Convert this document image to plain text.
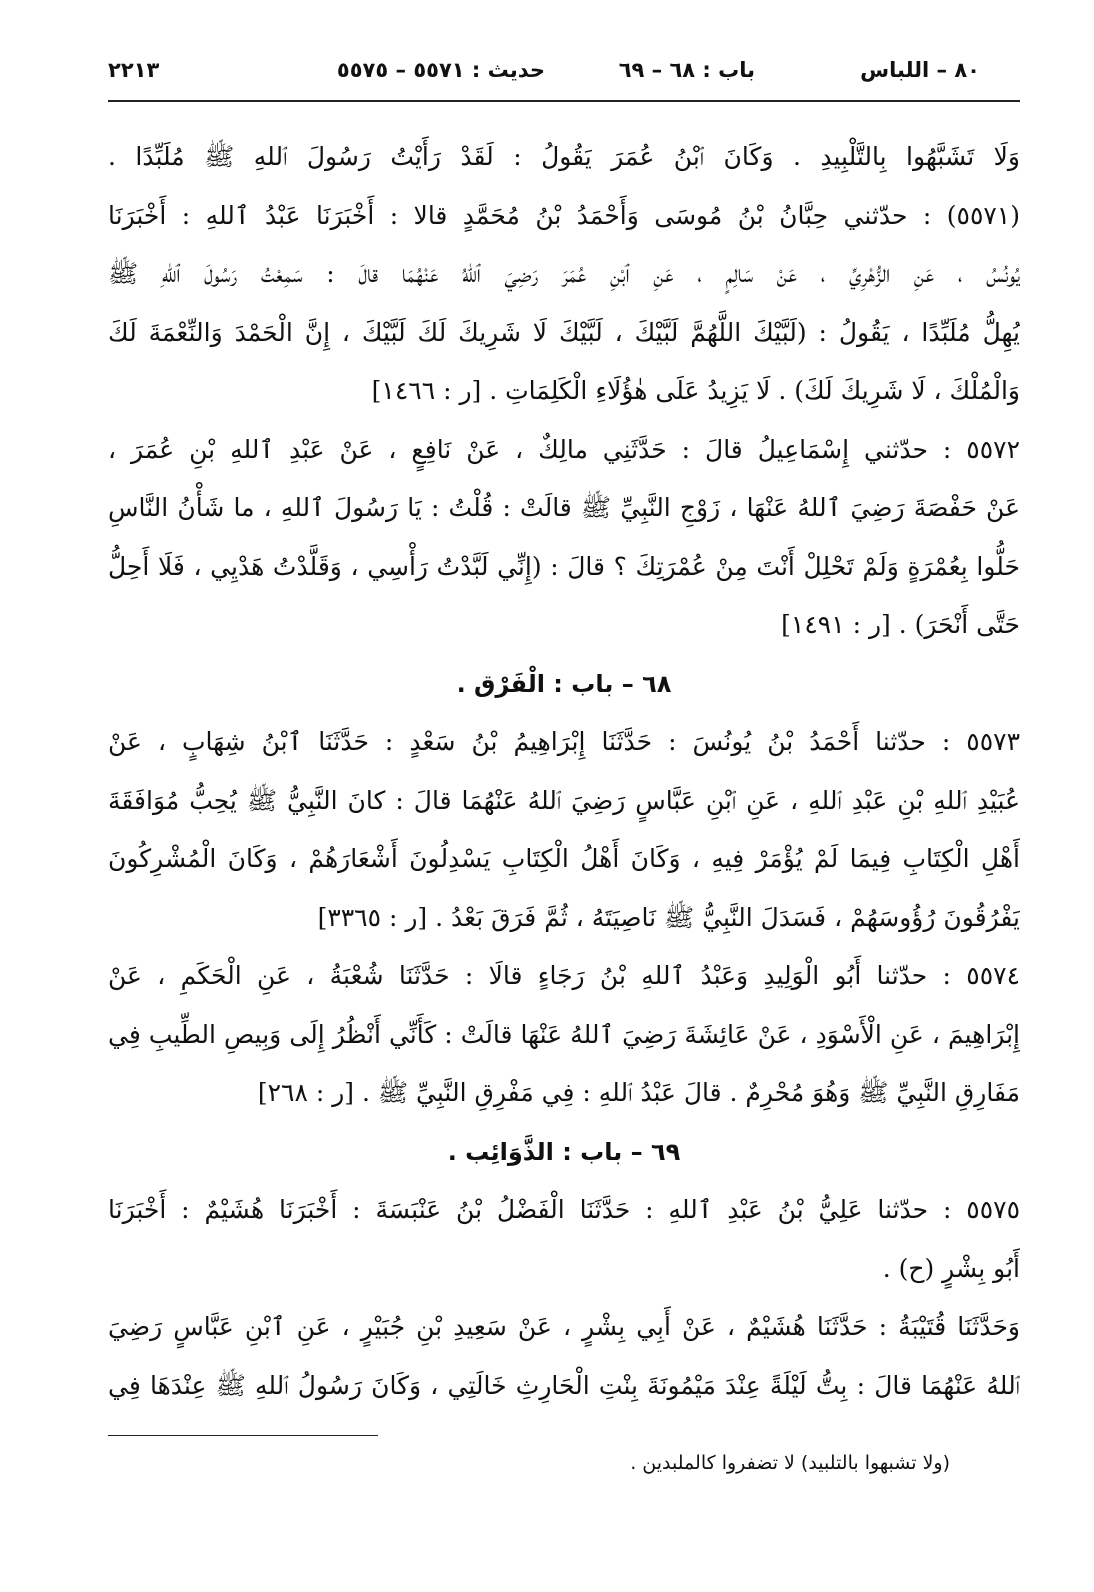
٨٠ – اللباس
باب : ٦٨ – ٦٩
حديث : ٥٥٧١ – ٥٥٧٥
٢٢١٣
وَلَا تَشَبَّهُوا بِالتَّلْبِيدِ . وَكَانَ ٱبْنُ عُمَرَ يَقُولُ : لَقَدْ رَأَيْتُ رَسُولَ ٱللهِ ﷺ مُلَبِّدًا .
(٥٥٧١) : حدّثني حِبَّانُ بْنُ مُوسَى وَأَحْمَدُ بْنُ مُحَمَّدٍ قالا : أَخْبَرَنَا عَبْدُ ٱللهِ : أَخْبَرَنَا
يُونُسُ ، عَنِ الزُّهْرِيِّ ، عَنْ سَالِمٍ ، عَنِ ٱبْنِ عُمَرَ رَضِيَ ٱللهُ عَنْهُمَا قالَ : سَمِعْتُ رَسُولَ ٱللهِ ﷺ
يُهِلُّ مُلَبِّدًا ، يَقُولُ : (لَبَّيْكَ اللَّهُمَّ لَبَّيْكَ ، لَبَّيْكَ لَا شَرِيكَ لَكَ لَبَّيْكَ ، إِنَّ الْحَمْدَ وَالنِّعْمَةَ لَكَ
وَالْمُلْكَ ، لَا شَرِيكَ لَكَ) . لَا يَزِيدُ عَلَى هٰؤُلَاءِ الْكَلِمَاتِ . [ر : ١٤٦٦]
٥٥٧٢ : حدّثني إِسْمَاعِيلُ قالَ : حَدَّثَنِي مالِكٌ ، عَنْ نَافِعٍ ، عَنْ عَبْدِ ٱللهِ بْنِ عُمَرَ ،
عَنْ حَفْصَةَ رَضِيَ ٱللهُ عَنْهَا ، زَوْجِ النَّبِيِّ ﷺ قالَتْ : قُلْتُ : يَا رَسُولَ ٱللهِ ، ما شَأْنُ النَّاسِ
حَلُّوا بِعُمْرَةٍ وَلَمْ تَحْلِلْ أَنْتَ مِنْ عُمْرَتِكَ ؟ قالَ : (إِنِّي لَبَّدْتُ رَأْسِي ، وَقَلَّدْتُ هَدْيِي ، فَلَا أَحِلُّ
حَتَّى أَنْحَرَ) . [ر : ١٤٩١]
٦٨ – باب : الْفَرْق .
٥٥٧٣ : حدّثنا أَحْمَدُ بْنُ يُونُسَ : حَدَّثَنَا إِبْرَاهِيمُ بْنُ سَعْدٍ : حَدَّثَنَا ٱبْنُ شِهَابٍ ، عَنْ
عُبَيْدِ ٱللهِ بْنِ عَبْدِ ٱللهِ ، عَنِ ٱبْنِ عَبَّاسٍ رَضِيَ ٱللهُ عَنْهُمَا قالَ : كانَ النَّبِيُّ ﷺ يُحِبُّ مُوَافَقَةَ
أَهْلِ الْكِتَابِ فِيمَا لَمْ يُؤْمَرْ فِيهِ ، وَكَانَ أَهْلُ الْكِتَابِ يَسْدِلُونَ أَشْعَارَهُمْ ، وَكَانَ الْمُشْرِكُونَ
يَفْرُقُونَ رُؤُوسَهُمْ ، فَسَدَلَ النَّبِيُّ ﷺ نَاصِيَتَهُ ، ثُمَّ فَرَقَ بَعْدُ . [ر : ٣٣٦٥]
٥٥٧٤ : حدّثنا أَبُو الْوَلِيدِ وَعَبْدُ ٱللهِ بْنُ رَجَاءٍ قالَا : حَدَّثَنَا شُعْبَةُ ، عَنِ الْحَكَمِ ، عَنْ
إِبْرَاهِيمَ ، عَنِ الْأَسْوَدِ ، عَنْ عَائِشَةَ رَضِيَ ٱللهُ عَنْهَا قالَتْ : كَأَنِّي أَنْظُرُ إِلَى وَبِيصِ الطِّيبِ فِي
مَفَارِقِ النَّبِيِّ ﷺ وَهُوَ مُحْرِمٌ . قالَ عَبْدُ ٱللهِ : فِي مَفْرِقِ النَّبِيِّ ﷺ . [ر : ٢٦٨]
٦٩ – باب : الذَّوَائِب .
٥٥٧٥ : حدّثنا عَلِيُّ بْنُ عَبْدِ ٱللهِ : حَدَّثَنَا الْفَضْلُ بْنُ عَنْبَسَةَ : أَخْبَرَنَا هُشَيْمٌ : أَخْبَرَنَا
أَبُو بِشْرٍ (ح) .
وَحَدَّثَنَا قُتَيْبَةُ : حَدَّثَنَا هُشَيْمٌ ، عَنْ أَبِي بِشْرٍ ، عَنْ سَعِيدِ بْنِ جُبَيْرٍ ، عَنِ ٱبْنِ عَبَّاسٍ رَضِيَ
ٱللهُ عَنْهُمَا قالَ : بِتُّ لَيْلَةً عِنْدَ مَيْمُونَةَ بِنْتِ الْحَارِثِ خَالَتِي ، وَكَانَ رَسُولُ ٱللهِ ﷺ عِنْدَهَا فِي
(ولا تشبهوا بالتلبيد) لا تضفروا كالملبدين .
